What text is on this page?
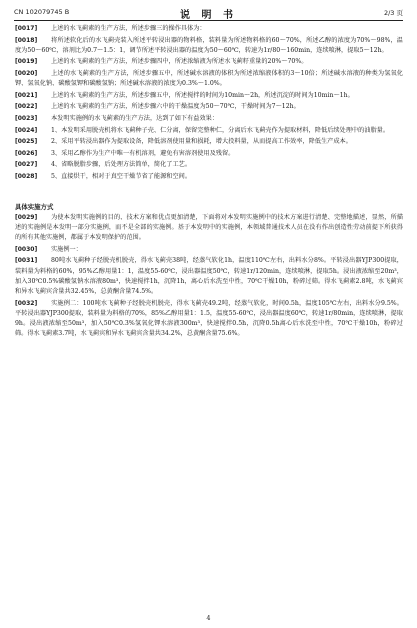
CN 102079745 B	说 明 书	2/3 页

[0017] 上述的水飞蓟素的生产方法，所述步骤三的操作具体为：

[0018] 将所述软化后的水飞蓟壳装入所述平转浸出器的物料格，装料量为所述物料格的60～70%，所述乙醇的浓度为70%～98%，温度为50～60℃，溶剂比为0.7～1.5：1，调节所述平转浸出器的温度为50～60℃，转速为1r/80～160min，连续喷淋，提取5～12h。

[0019] 上述的水飞蓟素的生产方法，所述步骤四中，所述浓缩液为所述水飞蓟籽重量的20%～70%。

[0020] 上述的水飞蓟素的生产方法，所述步骤五中，所述碱水溶液的体积为所述浓缩液体积的3～10倍；所述碱水溶液的种类为氢氧化钾、氢氧化钠、碳酸氢钾和碳酸氢钠；所述碱水溶液的浓度为0.3%～1.0%。

[0021] 上述的水飞蓟素的生产方法，所述步骤五中，所述搅拌的时间为10min～2h，所述沉淀的时间为10min～1h。

[0022] 上述的水飞蓟素的生产方法，所述步骤六中的干燥温度为50～70℃，干燥时间为7～12h。

[0023] 本发明实施例的水飞蓟素的生产方法，达到了如下有益效果：

[0024] 1、本发明采用脱壳机将水飞蓟种子壳、仁分离，保留完整种仁，分离后水飞蓟壳作为提取材料，降低后续处理中的油脂量。

[0025] 2、采用平转浸出器作为提取设备，降低溶剂使用量和损耗，增大投料量，从而提高工作效率，降低生产成本。

[0026] 3、采用乙醇作为生产中唯一有机溶剂，避免有害溶剂使用及残留。

[0027] 4、省略脱脂步骤，后处理方法简单，简化了工艺。

[0028] 5、直接烘干，相对于真空干燥节省了能源和空间。

具体实施方式

[0029] 为使本发明实施例的目的、技术方案和优点更加清楚，下面将对本发明实施例中的技术方案进行清楚、完整地描述，显然，所描述的实施例是本发明一部分实施例，而不是全部的实施例。基于本发明中的实施例，本领域普通技术人员在没有作出创造性劳动前提下所获得的所有其他实施例，都属于本发明保护的范围。

[0030] 实施例一：

[0031] 80吨水飞蓟种子经脱壳机脱壳，得水飞蓟壳38吨，经蒸气软化1h，温度110℃左右，出料水分8%。平转浸出器YJP300提取，装料量为料格的60%，95%乙醇用量1：1，温度55-60℃，浸出器温度50℃，转速1r/120min，连续喷淋，提取5h。浸出液浓缩至20m³，加入30℃0.5%碳酸氢钠水溶液80m³，快速搅拌1h，沉降1h，离心后水洗至中性，70℃干燥10h，粉碎过筛。得水飞蓟素2.8吨，水飞蓟宾和异水飞蓟宾含量共32.45%，总黄酮含量74.5%。

[0032] 实施例二：100吨水飞蓟种子经脱壳机脱壳，得水飞蓟壳49.2吨，经蒸气软化，时间0.5h，温度105℃左右，出料水分9.5%。平转浸出器YJP300提取，装料量为料格的70%，85%乙醇用量1：1.5，温度55-60℃，浸出器温度60℃，转速1r/80min，连续喷淋，提取9h。浸出液浓缩至50m³，加入50℃0.3%氢氧化钾水溶液300m³，快速搅拌0.5h，沉降0.5h离心后水洗至中性，70℃干燥10h，粉碎过筛。得水飞蓟素3.7吨，水飞蓟宾和异水飞蓟宾含量共34.2%，总黄酮含量75.6%。

4
